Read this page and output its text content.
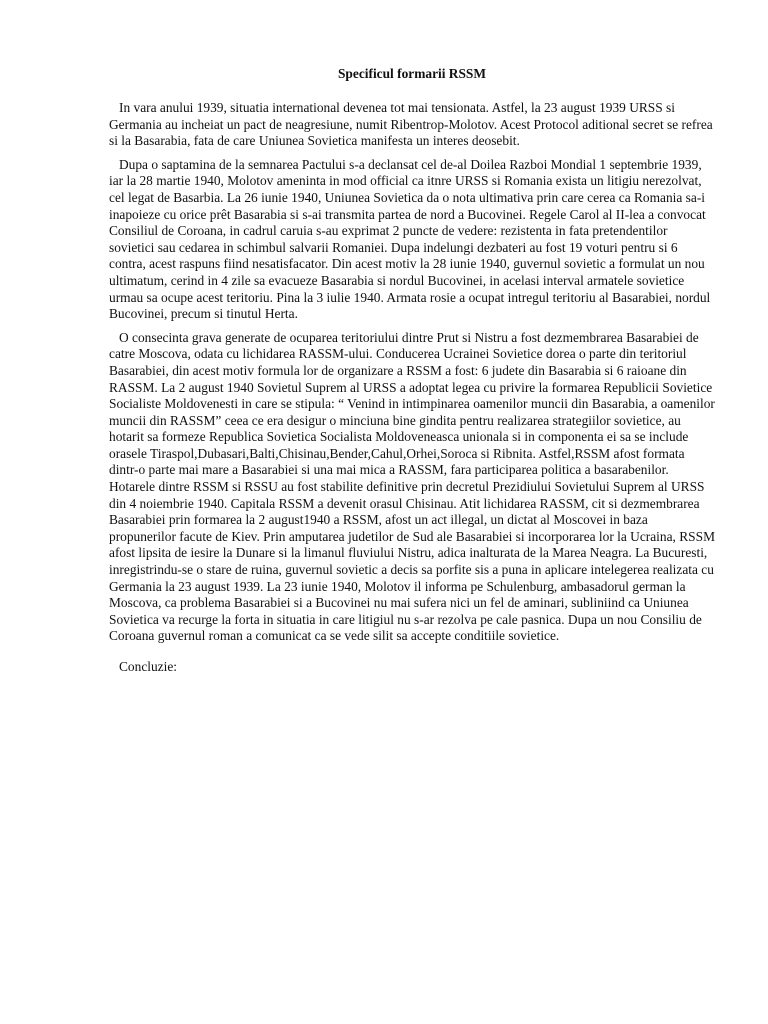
Specificul formarii RSSM

In vara anului 1939, situatia international devenea tot mai tensionata. Astfel, la 23 august 1939 URSS si Germania au incheiat un pact de neagresiune, numit Ribentrop-Molotov. Acest Protocol aditional secret se refrea si la Basarabia, fata de care Uniunea Sovietica manifesta un interes deosebit.

Dupa o saptamina de la semnarea Pactului s-a declansat cel de-al Doilea Razboi Mondial 1 septembrie 1939, iar la 28 martie 1940, Molotov ameninta in mod official ca itnre URSS si Romania exista un litigiu nerezolvat, cel legat de Basarbia. La 26 iunie 1940, Uniunea Sovietica da o nota ultimativa prin care cerea ca Romania sa-i inapoieze cu orice prêt Basarabia si s-ai transmita partea de nord a Bucovinei. Regele Carol al II-lea a convocat Consiliul de Coroana, in cadrul caruia s-au exprimat 2 puncte de vedere: rezistenta in fata pretendentilor sovietici sau cedarea in schimbul salvarii Romaniei. Dupa indelungi dezbateri au fost 19 voturi pentru si 6 contra, acest raspuns fiind nesatisfacator. Din acest motiv la 28 iunie 1940, guvernul sovietic a formulat un nou ultimatum, cerind in 4 zile sa evacueze Basarabia si nordul Bucovinei, in acelasi interval armatele sovietice urmau sa ocupe acest teritoriu. Pina la 3 iulie 1940. Armata rosie a ocupat intregul teritoriu al Basarabiei, nordul Bucovinei, precum si tinutul Herta.

O consecinta grava generate de ocuparea teritoriului dintre Prut si Nistru a fost dezmembrarea Basarabiei de catre Moscova, odata cu lichidarea RASSM-ului. Conducerea Ucrainei Sovietice dorea o parte din teritoriul Basarabiei, din acest motiv formula lor de organizare a RSSM a fost: 6 judete din Basarabia si 6 raioane din RASSM. La 2 august 1940 Sovietul Suprem al URSS a adoptat legea cu privire la formarea Republicii Sovietice Socialiste Moldovenesti in care se stipula: “ Venind in intimpinarea oamenilor muncii din Basarabia, a oamenilor muncii din RASSM” ceea ce era desigur o minciuna bine gindita pentru realizarea strategiilor sovietice, au hotarit sa formeze Republica Sovietica Socialista Moldoveneasca unionala si in componenta ei sa se include orasele Tiraspol,Dubasari,Balti,Chisinau,Bender,Cahul,Orhei,Soroca si Ribnita. Astfel,RSSM afost formata dintr-o parte mai mare a Basarabiei si una mai mica a RASSM, fara participarea politica a basarabenilor. Hotarele dintre RSSM si RSSU au fost stabilite definitive prin decretul Prezidiului Sovietului Suprem al URSS din 4 noiembrie 1940. Capitala RSSM a devenit orasul Chisinau. Atit lichidarea RASSM, cit si dezmembrarea Basarabiei prin formarea la 2 august1940 a RSSM, afost un act illegal, un dictat al Moscovei in baza propunerilor facute de Kiev. Prin amputarea judetilor de Sud ale Basarabiei si incorporarea lor la Ucraina, RSSM afost lipsita de iesire la Dunare si la limanul fluviului Nistru, adica inalturata de la Marea Neagra. La Bucuresti, inregistrindu-se o stare de ruina, guvernul sovietic a decis sa porfite sis a puna in aplicare intelegerea realizata cu Germania la 23 august 1939. La 23 iunie 1940, Molotov il informa pe Schulenburg, ambasadorul german la Moscova, ca problema Basarabiei si a Bucovinei nu mai sufera nici un fel de aminari, subliniind ca Uniunea Sovietica va recurge la forta in situatia in care litigiul nu s-ar rezolva pe cale pasnica. Dupa un nou Consiliu de Coroana guvernul roman a comunicat ca se vede silit sa accepte conditiile sovietice.

Concluzie:
